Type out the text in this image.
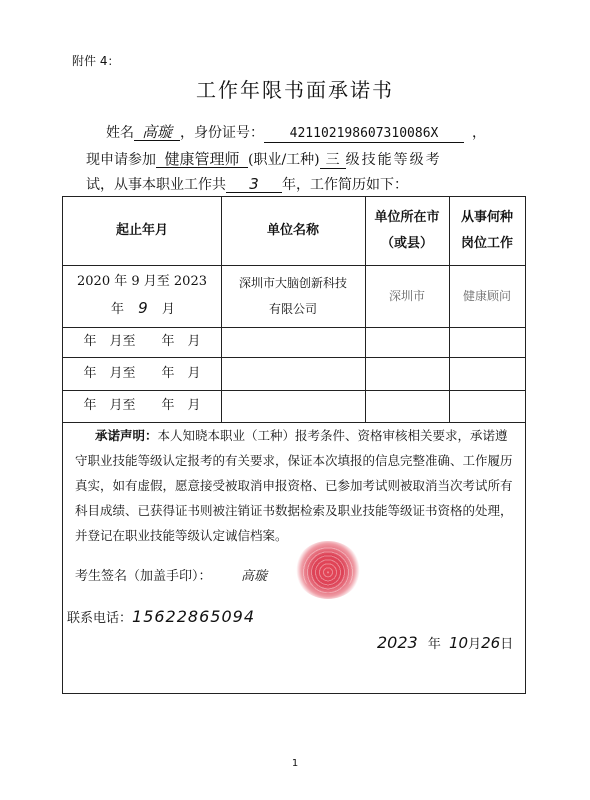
附件 4：
工作年限书面承诺书
姓名 高璇 ，身份证号： 421102198607310086X ，
现申请参加 健康管理师 (职业/工种) 三 级技能等级考
试，从事本职业工作共 3 年，工作简历如下：
起止年月	单位名称
单位所在市
（或县）
从事何种
岗位工作
2020 年 9 月至 2023
年 9 月
深圳市大脑创新科技
有限公司
深圳市	健康顾问
年　月至　　年　月
年　月至　　年　月
年　月至　　年　月
承诺声明：本人知晓本职业（工种）报考条件、资格审核相关要求，承诺遵守职业技能等级认定报考的有关要求，保证本次填报的信息完整准确、工作履历真实，如有虚假，愿意接受被取消申报资格、已参加考试则被取消当次考试所有科目成绩、已获得证书则被注销证书数据检索及职业技能等级证书资格的处理，并登记在职业技能等级认定诚信档案。
考生签名（加盖手印）： 高璇
联系电话：15622865094
2023 年 10月26日
1
